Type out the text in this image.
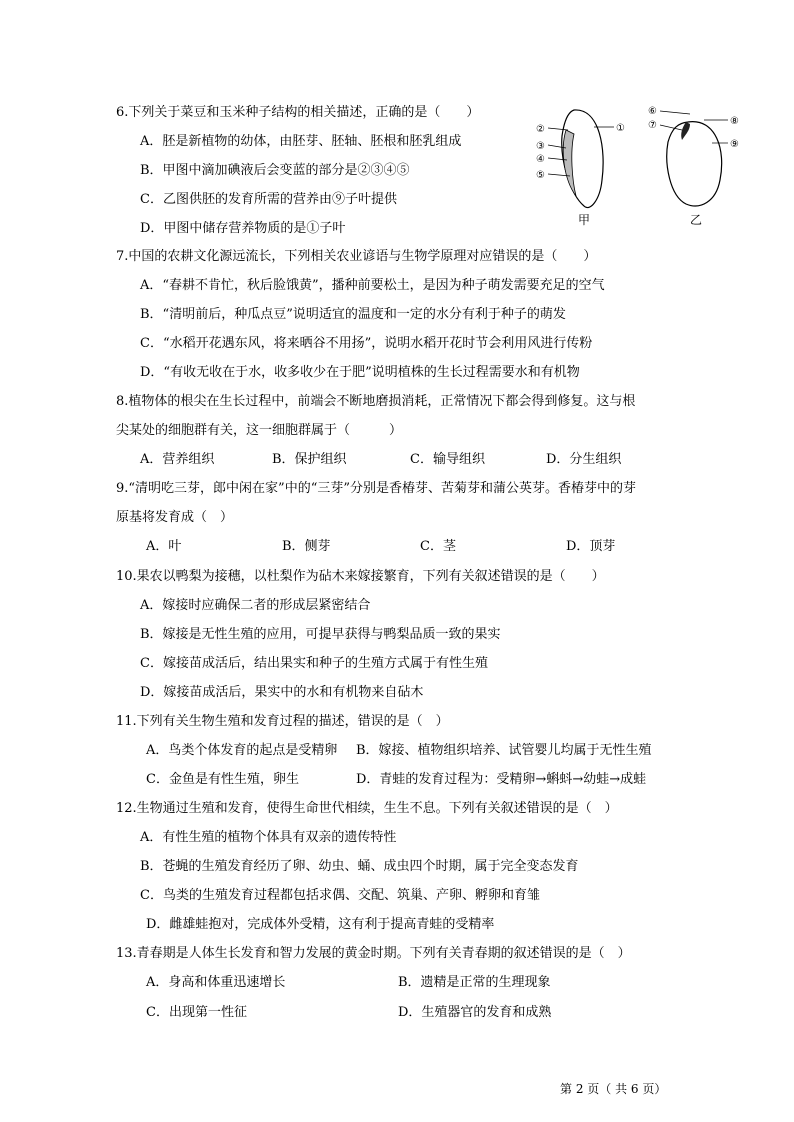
6.下列关于菜豆和玉米种子结构的相关描述，正确的是（　　）
A．胚是新植物的幼体，由胚芽、胚轴、胚根和胚乳组成
B．甲图中滴加碘液后会变蓝的部分是②③④⑤
C．乙图供胚的发育所需的营养由⑨子叶提供
D．甲图中储存营养物质的是①子叶
②
③
④
⑤
①
甲
⑥
⑦	⑧
⑨
乙
7.中国的农耕文化源远流长，下列相关农业谚语与生物学原理对应错误的是（　　）
A．“春耕不肯忙，秋后脸饿黄”，播种前要松土，是因为种子萌发需要充足的空气
B．“清明前后，种瓜点豆”说明适宜的温度和一定的水分有利于种子的萌发
C．“水稻开花遇东风，将来晒谷不用扬”，说明水稻开花时节会利用风进行传粉
D．“有收无收在于水，收多收少在于肥”说明植株的生长过程需要水和有机物
8.植物体的根尖在生长过程中，前端会不断地磨损消耗，正常情况下都会得到修复。这与根
尖某处的细胞群有关，这一细胞群属于（　　　）
A．营养组织	B．保护组织	C．输导组织	D．分生组织
9.“清明吃三芽，郎中闲在家”中的“三芽”分别是香椿芽、苦菊芽和蒲公英芽。香椿芽中的芽
原基将发育成（　）
A．叶	B．侧芽	C．茎	D．顶芽
10.果农以鸭梨为接穗，以杜梨作为砧木来嫁接繁育，下列有关叙述错误的是（　　）
A．嫁接时应确保二者的形成层紧密结合
B．嫁接是无性生殖的应用，可提早获得与鸭梨品质一致的果实
C．嫁接苗成活后，结出果实和种子的生殖方式属于有性生殖
D．嫁接苗成活后，果实中的水和有机物来自砧木
11.下列有关生物生殖和发育过程的描述，错误的是（　）
A．鸟类个体发育的起点是受精卵 B．嫁接、植物组织培养、试管婴儿均属于无性生殖
C．金鱼是有性生殖，卵生	D．青蛙的发育过程为：受精卵→蝌蚪→幼蛙→成蛙
12.生物通过生殖和发育，使得生命世代相续，生生不息。下列有关叙述错误的是（　）
A．有性生殖的植物个体具有双亲的遗传特性
B．苍蝇的生殖发育经历了卵、幼虫、蛹、成虫四个时期，属于完全变态发育
C．鸟类的生殖发育过程都包括求偶、交配、筑巢、产卵、孵卵和育雏
D．雌雄蛙抱对，完成体外受精，这有利于提高青蛙的受精率
13.青春期是人体生长发育和智力发展的黄金时期。下列有关青春期的叙述错误的是（　）
A．身高和体重迅速增长	B．遗精是正常的生理现象
C．出现第一性征	D．生殖器官的发育和成熟
第 2 页（ 共 6 页）
